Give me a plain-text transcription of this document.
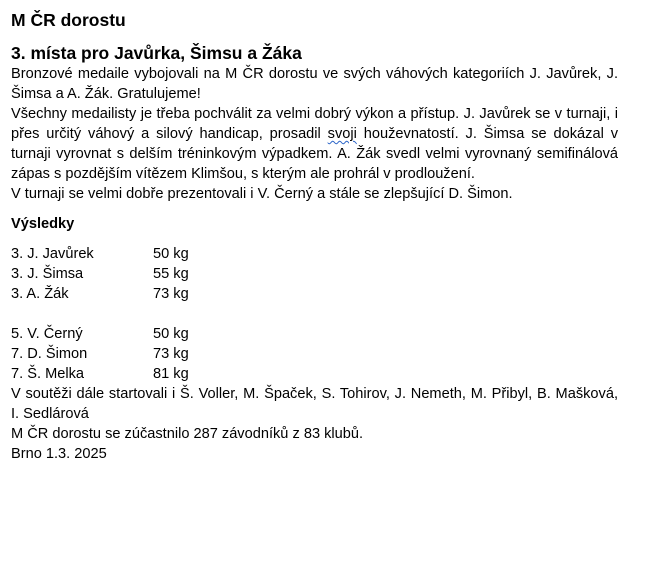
M ČR dorostu
3. místa pro Javůrka, Šimsu a Žáka

Bronzové medaile vybojovali na M ČR dorostu ve svých váhových kategoriích J. Javůrek, J. Šimsa a A. Žák. Gratulujeme!

Všechny medailisty je třeba pochválit za velmi dobrý výkon a přístup. J. Javůrek se v turnaji, i přes určitý váhový a silový handicap, prosadil svoji houževnatostí. J. Šimsa se dokázal v turnaji vyrovnat s delším tréninkovým výpadkem. A. Žák svedl velmi vyrovnaný semifinálová zápas s pozdějším vítězem Klimšou, s kterým ale prohrál v prodloužení.

V turnaji se velmi dobře prezentovali i V. Černý a stále se zlepšující D. Šimon.

Výsledky
3. J. Javůrek	50 kg
3. J. Šimsa	55 kg
3. A. Žák	73 kg
5. V. Černý	50 kg
7. D. Šimon	73 kg
7. Š. Melka	81 kg

V soutěži dále startovali i Š. Voller, M. Špaček, S. Tohirov, J. Nemeth, M. Přibyl, B. Mašková, I. Sedlárová

M ČR dorostu se zúčastnilo 287 závodníků z 83 klubů.

Brno 1.3. 2025
